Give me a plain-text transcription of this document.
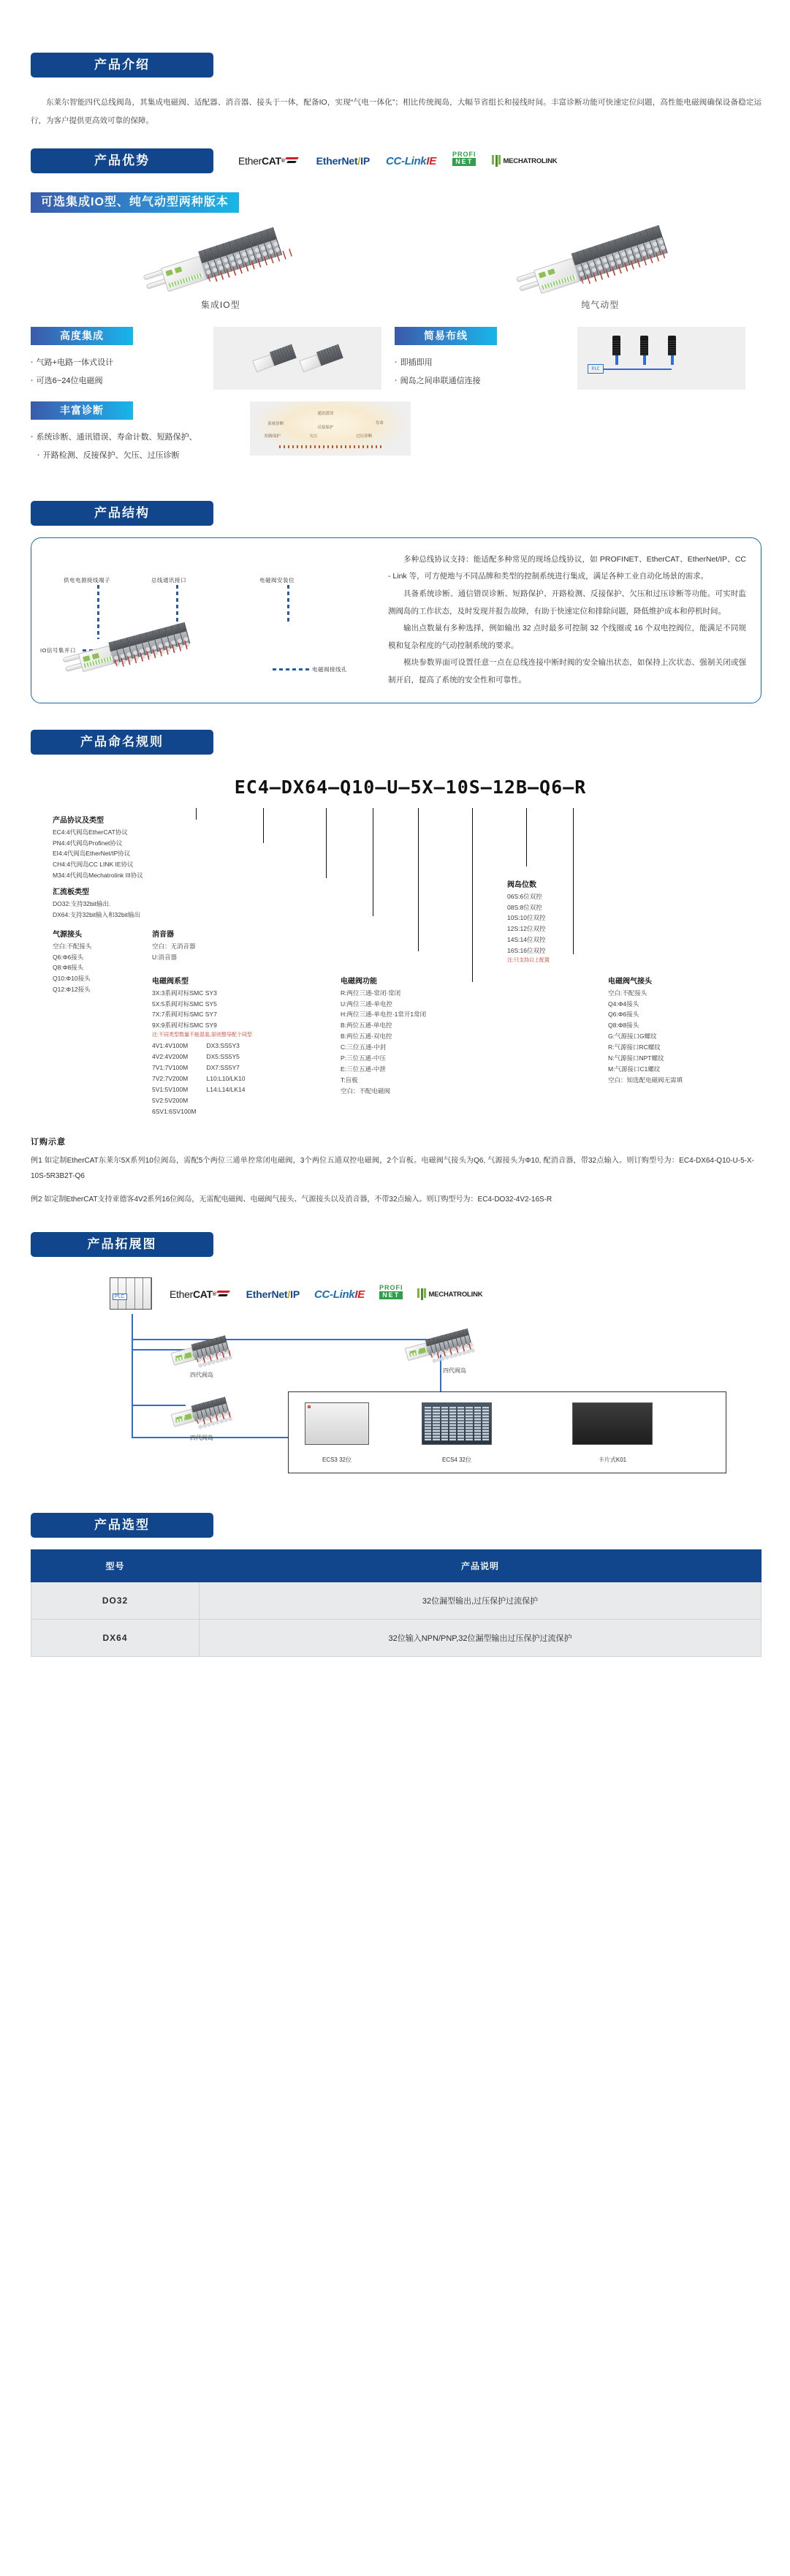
产品介绍

东莱尔智能四代总线阀岛，其集成电磁阀、适配器、消音器、接头于一体，配备IO，实现“气电一体化”；相比传统阀岛，大幅节省组长和接线时间。丰富诊断功能可快速定位问题，高性能电磁阀确保设备稳定运行，为客户提供更高效可靠的保障。

产品优势	Ether CAT ®	EtherNet / IP CC-Link IE
PROFI
NET	MECHATROLINK
可选集成IO型、纯气动型两种版本
集成IO型	纯气动型
高度集成
· 气路+电路一体式设计
· 可选6~24位电磁阀
简易布线
· 即插即用
· 阀岛之间串联通信连接
PLC
丰富诊断
· 系统诊断、通讯错误、寿命计数、短路保护、
· 开路检测、反接保护、欠压、过压诊断
通讯错误
系统诊断
反接保护
寿命
短路保护	欠压	过压诊断
产品结构
供电电源接线端子	总线通讯接口	电磁阀安装位
IO信号集并口
电磁阀接线孔

多种总线协议支持：能适配多种常见的现场总线协议，如 PROFINET、EtherCAT、EtherNet/IP、CC - Link 等，可方便地与不同品牌和类型的控制系统进行集成，满足各种工业自动化场景的需求。

具备系统诊断、通信错误诊断、短路保护、开路检测、反接保护、欠压和过压诊断等功能。可实时监测阀岛的工作状态，及时发现并报告故障，有助于快速定位和排除问题，降低维护成本和停机时间。

输出点数量有多种选择，例如输出 32 点时最多可控制 32 个线圈或 16 个双电控阀位，能满足不同规模和复杂程度的气动控制系统的要求。

模块参数界面可设置任意一点在总线连接中断时阀的安全输出状态，如保持上次状态、强制关闭或强制开启，提高了系统的安全性和可靠性。

产品命名规则
EC4–DX64–Q10–U–5X–10S–12B–Q6–R
产品协议及类型
EC4:4代阀岛EtherCAT协议
PN4:4代阀岛Profinet协议
EI4:4代阀岛EtherNet/IP协议
CH4:4代阀岛CC LINK IE协议
M34:4代阀岛Mechatrolink III协议
汇流板类型
DO32:支持32bit输出.
DX64:支持32bit输入和32bit输出
气源接头
空白:不配接头
Q6:Φ6接头
Q8:Φ8接头
Q10:Φ10接头
Q12:Φ12接头
消音器
空白：无消音器
U:消音器
电磁阀系型
3X:3系阀对标SMC SY3
5X:5系阀对标SMC SY5
7X:7系阀对标SMC SY7
9X:9系阀对标SMC SY9
注:不同类型数量不能混装,原则整导配个同型
4V1:4V100M
4V2:4V200M
7V1:7V100M
7V2:7V200M
5V1:5V100M
5V2:5V200M
6SV1:6SV100M
DX3:SS5Y3
DX5:SS5Y5
DX7:SS5Y7
L10:L10/LK10
L14:L14/LK14
电磁阀功能
R:两位三通-常闭·常闭
U:两位三通-单电控
H:两位三通-单电控·1常开1常闭
B:两位五通-单电控
B:两位五通-双电控
C:三位五通-中封
P:三位五通-中压
E:三位五通-中泄
T:盲板
空白：不配电磁阀
阀岛位数
06S:6位双控
08S:8位双控
10S:10位双控
12S:12位双控
14S:14位双控
16S:16位双控
注:只支持以上配置
电磁阀气接头
空白:不配接头
Q4:Φ4接头
Q6:Φ6接头
Q8:Φ8接头
G:气源接口G螺纹
R:气源接口RC螺纹
N:气源接口NPT螺纹
M:气源接口C1螺纹
空白：知选配电磁阀无需填
订购示意

例1 如定制EtherCAT东莱尔5X系列10位阀岛，需配5个两位三通单控常闭电磁阀，3个两位五通双控电磁阀，2个盲板。电磁阀气接头为Q6, 气源接头为Φ10, 配消音器，带32点输入。则订购型号为：EC4-DX64-Q10-U-5-X-10S-5R3B2T-Q6

例2 如定制EtherCAT支持亚德客4V2系列16位阀岛，无需配电磁阀、电磁阀气接头、气源接头以及消音器，不带32点输入。则订购型号为：EC4-DO32-4V2-16S-R

产品拓展图
PLC	Ether CAT ®	EtherNet / IP CC-Link IE
PROFI
NET	MECHATROLINK
四代阀岛
四代阀岛
四代阀岛
ECS3 32位	ECS4 32位	卡片式K01
产品选型
型号	产品说明
DO32	32位漏型输出,过压保护过流保护
DX64	32位输入NPN/PNP,32位漏型输出过压保护过流保护
